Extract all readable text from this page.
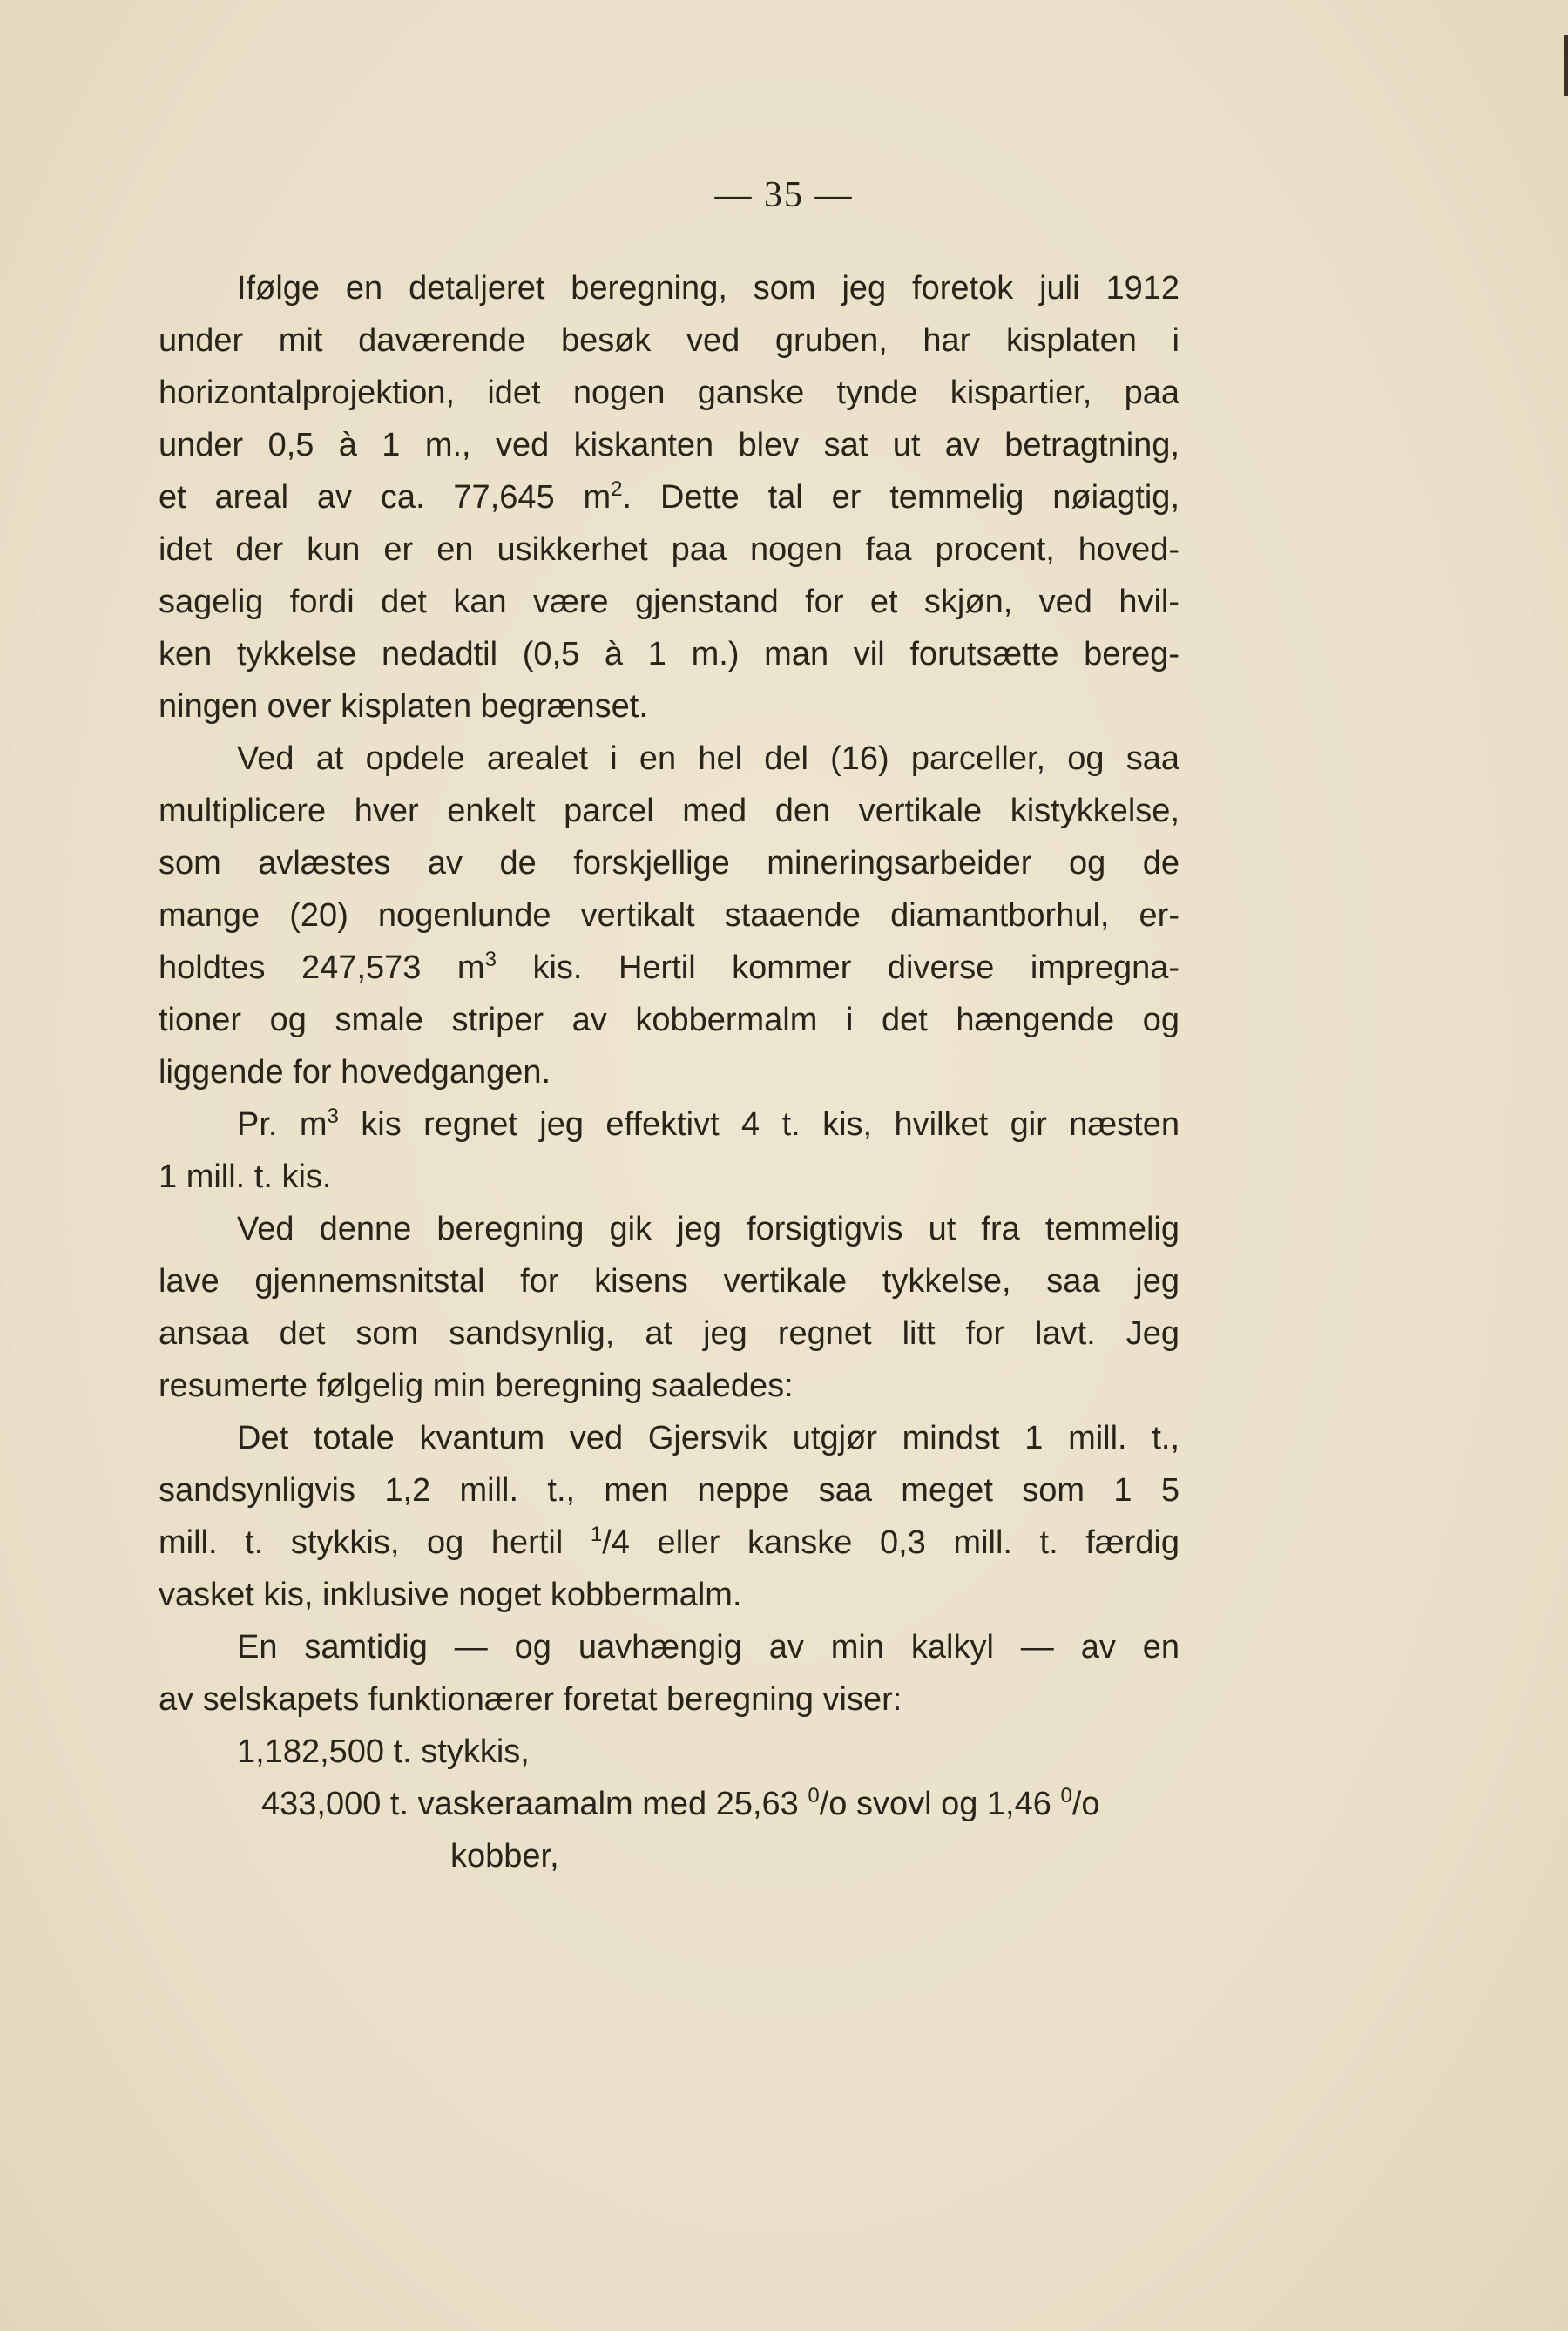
— 35 —
Ifølge en detaljeret beregning, som jeg foretok juli 1912
under mit daværende besøk ved gruben, har kisplaten i
horizontalprojektion, idet nogen ganske tynde kispartier, paa
under 0,5 à 1 m., ved kiskanten blev sat ut av betragtning,
et areal av ca. 77,645 $m^2$. Dette tal er temmelig nøiagtig,
idet der kun er en usikkerhet paa nogen faa procent, hoved-
sagelig fordi det kan være gjenstand for et skjøn, ved hvil-
ken tykkelse nedadtil (0,5 à 1 m.) man vil forutsætte bereg-
ningen over kisplaten begrænset.
Ved at opdele arealet i en hel del (16) parceller, og saa
multiplicere hver enkelt parcel med den vertikale kistykkelse,
som avlæstes av de forskjellige mineringsarbeider og de
mange (20) nogenlunde vertikalt staaende diamantborhul, er-
holdtes 247,573 $m^3$ kis. Hertil kommer diverse impregna-
tioner og smale striper av kobbermalm i det hængende og
liggende for hovedgangen.
Pr. $m^3$ kis regnet jeg effektivt 4 t. kis, hvilket gir næsten
1 mill. t. kis.
Ved denne beregning gik jeg forsigtigvis ut fra temmelig
lave gjennemsnitstal for kisens vertikale tykkelse, saa jeg
ansaa det som sandsynlig, at jeg regnet litt for lavt. Jeg
resumerte følgelig min beregning saaledes:
Det totale kvantum ved Gjersvik utgjør mindst 1 mill. t.,
sandsynligvis 1,2 mill. t., men neppe saa meget som 1 5
mill. t. stykkis, og hertil $^1$/4 eller kanske 0,3 mill. t. færdig
vasket kis, inklusive noget kobbermalm.
En samtidig — og uavhængig av min kalkyl — av en
av selskapets funktionærer foretat beregning viser:
1,182,500 t. stykkis,
433,000 t. vaskeraamalm med 25,63 $^0$/o svovl og 1,46 $^0$/o
kobber,
